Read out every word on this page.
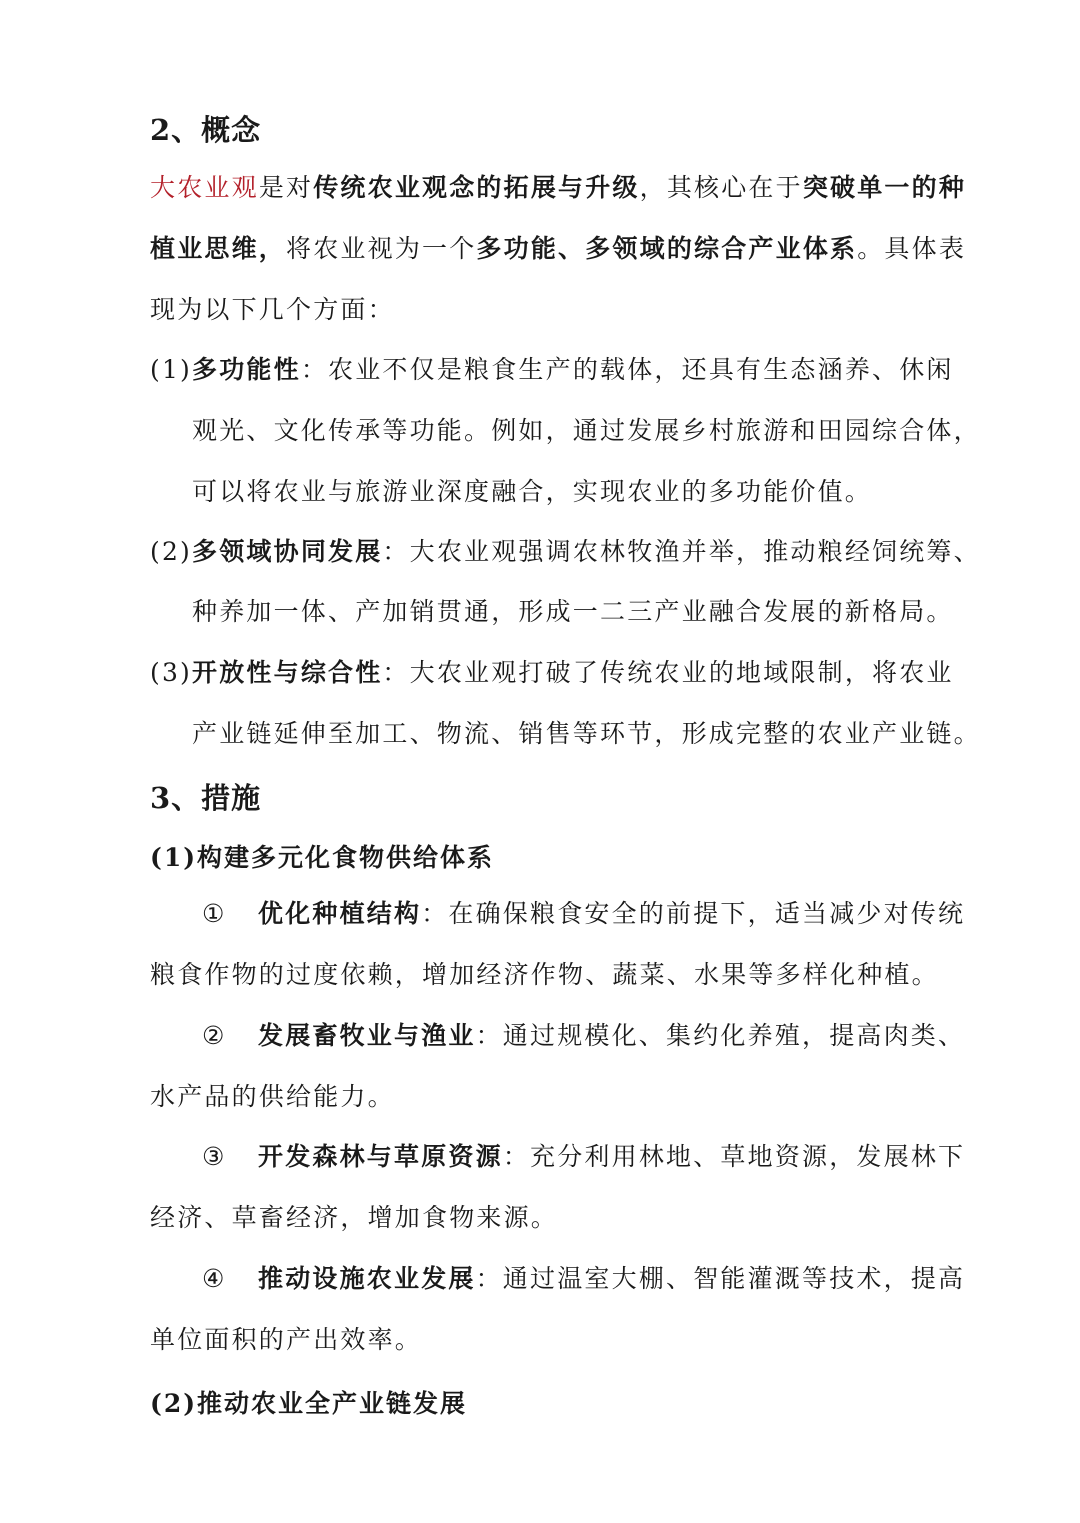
2、概念
大农业观是对传统农业观念的拓展与升级，其核心在于突破单一的种
植业思维，将农业视为一个多功能、多领域的综合产业体系。具体表
现为以下几个方面：
(1)多功能性：农业不仅是粮食生产的载体，还具有生态涵养、休闲
观光、文化传承等功能。例如，通过发展乡村旅游和田园综合体，
可以将农业与旅游业深度融合，实现农业的多功能价值。
(2)多领域协同发展：大农业观强调农林牧渔并举，推动粮经饲统筹、
种养加一体、产加销贯通，形成一二三产业融合发展的新格局。
(3)开放性与综合性：大农业观打破了传统农业的地域限制，将农业
产业链延伸至加工、物流、销售等环节，形成完整的农业产业链。
3、措施
(1)构建多元化食物供给体系
① 优化种植结构：在确保粮食安全的前提下，适当减少对传统
粮食作物的过度依赖，增加经济作物、蔬菜、水果等多样化种植。
② 发展畜牧业与渔业：通过规模化、集约化养殖，提高肉类、
水产品的供给能力。
③ 开发森林与草原资源：充分利用林地、草地资源，发展林下
经济、草畜经济，增加食物来源。
④ 推动设施农业发展：通过温室大棚、智能灌溉等技术，提高
单位面积的产出效率。
(2)推动农业全产业链发展
